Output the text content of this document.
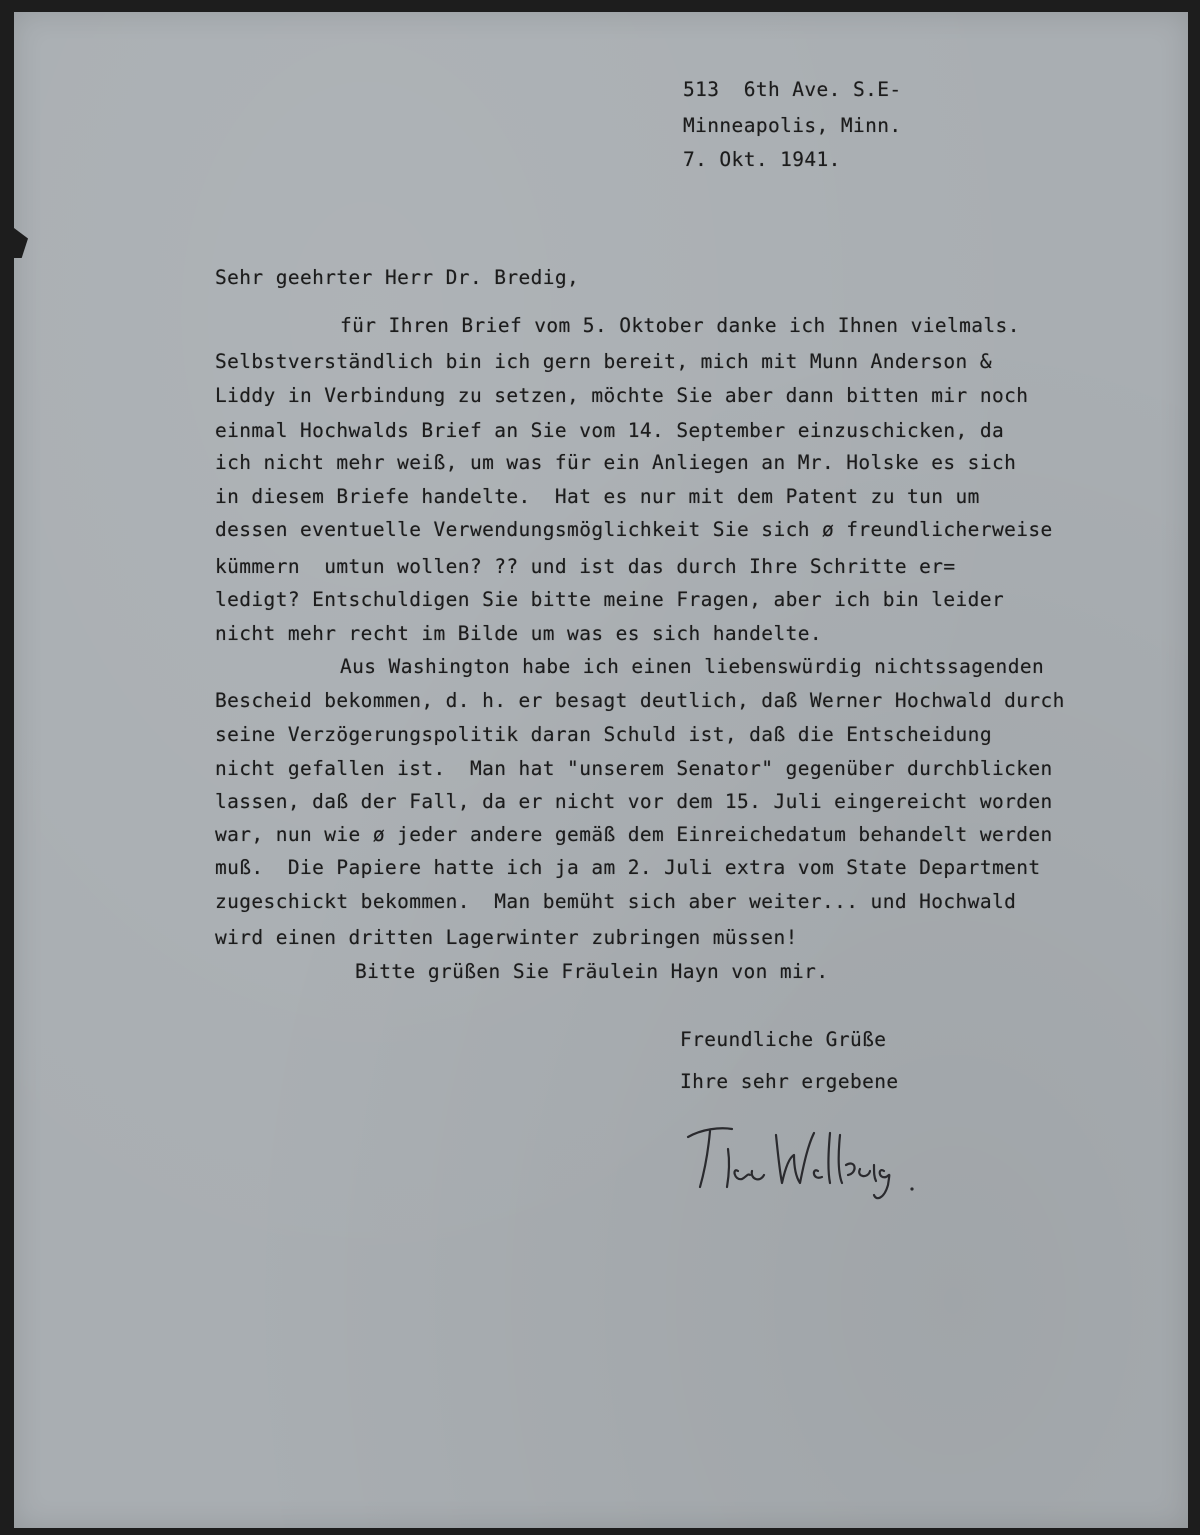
513  6th Ave. S.E-
Minneapolis, Minn.
7. Okt. 1941.
Sehr geehrter Herr Dr. Bredig,
für Ihren Brief vom 5. Oktober danke ich Ihnen vielmals.
Selbstverständlich bin ich gern bereit, mich mit Munn Anderson &
Liddy in Verbindung zu setzen, möchte Sie aber dann bitten mir noch
einmal Hochwalds Brief an Sie vom 14. September einzuschicken, da
ich nicht mehr weiß, um was für ein Anliegen an Mr. Holske es sich
in diesem Briefe handelte.  Hat es nur mit dem Patent zu tun um
dessen eventuelle Verwendungsmöglichkeit Sie sich ø freundlicherweise
kümmern  umtun wollen? ?? und ist das durch Ihre Schritte er=
ledigt? Entschuldigen Sie bitte meine Fragen, aber ich bin leider
nicht mehr recht im Bilde um was es sich handelte.
Aus Washington habe ich einen liebenswürdig nichtssagenden
Bescheid bekommen, d. h. er besagt deutlich, daß Werner Hochwald durch
seine Verzögerungspolitik daran Schuld ist, daß die Entscheidung
nicht gefallen ist.  Man hat "unserem Senator" gegenüber durchblicken
lassen, daß der Fall, da er nicht vor dem 15. Juli eingereicht worden
war, nun wie ø jeder andere gemäß dem Einreichedatum behandelt werden
muß.  Die Papiere hatte ich ja am 2. Juli extra vom State Department
zugeschickt bekommen.  Man bemüht sich aber weiter... und Hochwald
wird einen dritten Lagerwinter zubringen müssen!
Bitte grüßen Sie Fräulein Hayn von mir.
Freundliche Grüße
Ihre sehr ergebene
